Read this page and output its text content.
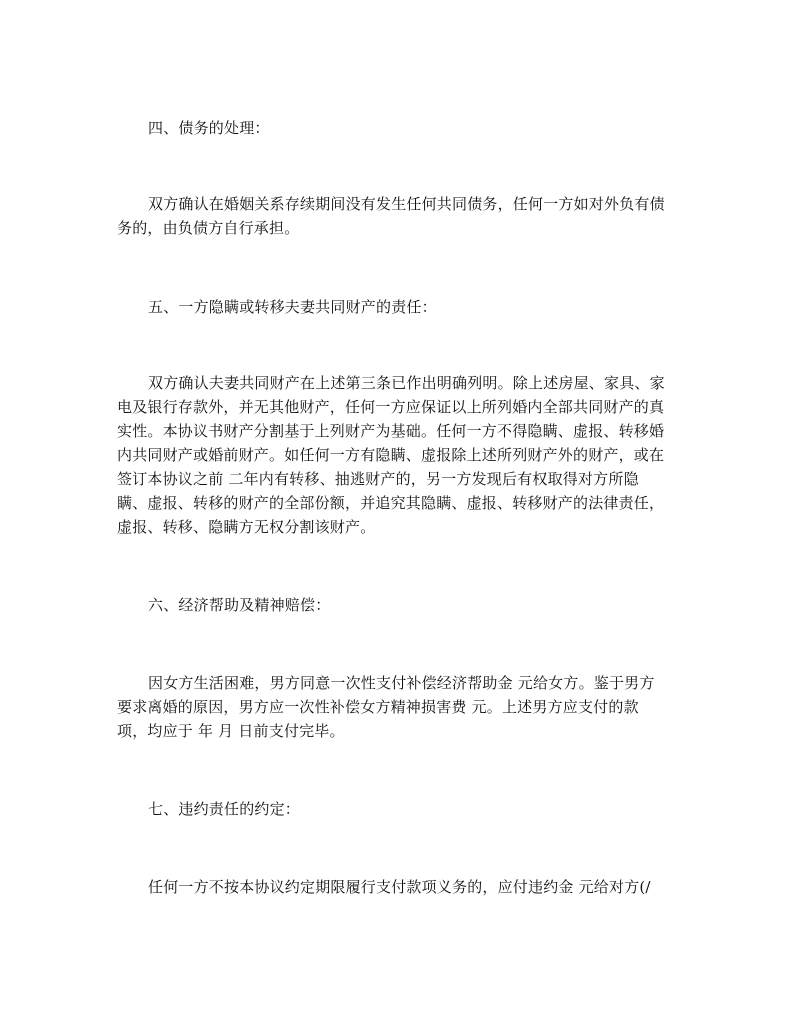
四、债务的处理：
双方确认在婚姻关系存续期间没有发生任何共同债务，任何一方如对外负有债
务的，由负债方自行承担。
五、一方隐瞒或转移夫妻共同财产的责任：
双方确认夫妻共同财产在上述第三条已作出明确列明。除上述房屋、家具、家
电及银行存款外，并无其他财产，任何一方应保证以上所列婚内全部共同财产的真
实性。本协议书财产分割基于上列财产为基础。任何一方不得隐瞒、虚报、转移婚
内共同财产或婚前财产。如任何一方有隐瞒、虚报除上述所列财产外的财产，或在
签订本协议之前 二年内有转移、抽逃财产的，另一方发现后有权取得对方所隐
瞒、虚报、转移的财产的全部份额，并追究其隐瞒、虚报、转移财产的法律责任，
虚报、转移、隐瞒方无权分割该财产。
六、经济帮助及精神赔偿：
因女方生活困难，男方同意一次性支付补偿经济帮助金 元给女方。鉴于男方
要求离婚的原因，男方应一次性补偿女方精神损害费 元。上述男方应支付的款
项，均应于 年 月 日前支付完毕。
七、违约责任的约定：
任何一方不按本协议约定期限履行支付款项义务的，应付违约金 元给对方(/
